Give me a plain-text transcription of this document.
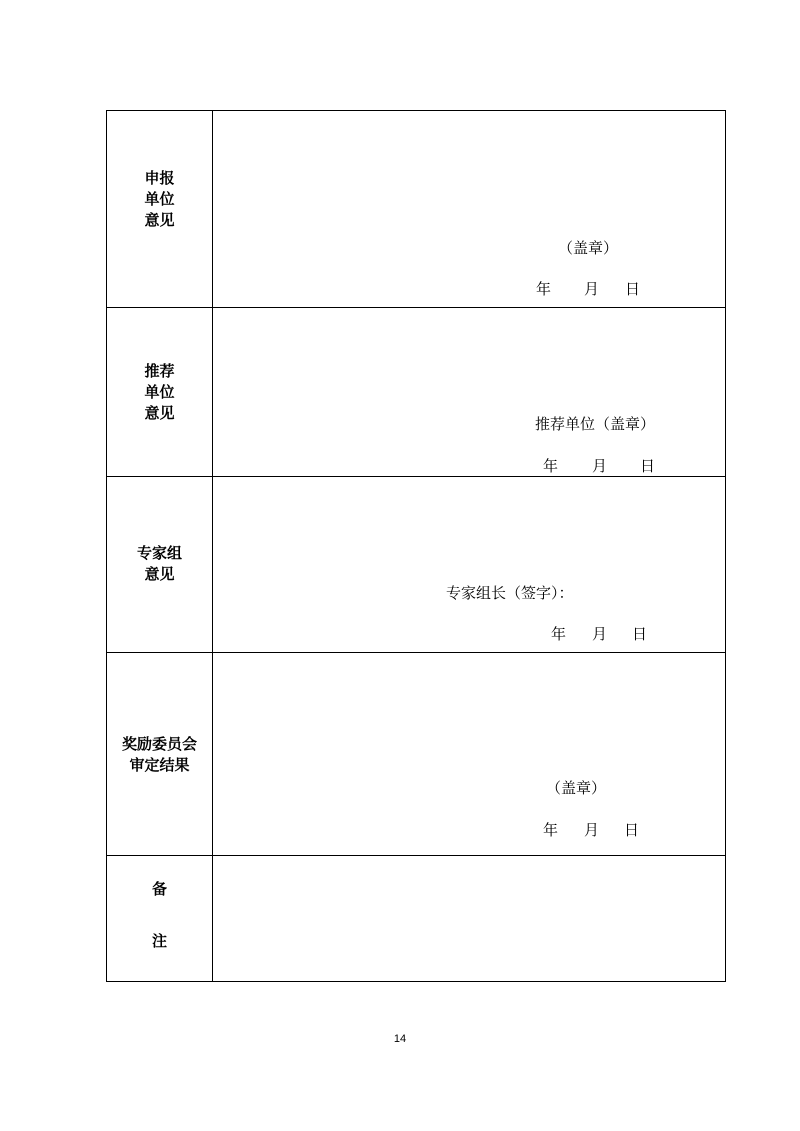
申报
单位
意见	（盖章）
年 月 日

推荐
单位
意见	推荐单位（盖章）
年 月 日

专家组
意见	专家组长（签字）：
年 月 日

奖励委员会
审定结果	（盖章）
年 月 日

备

注	

14
